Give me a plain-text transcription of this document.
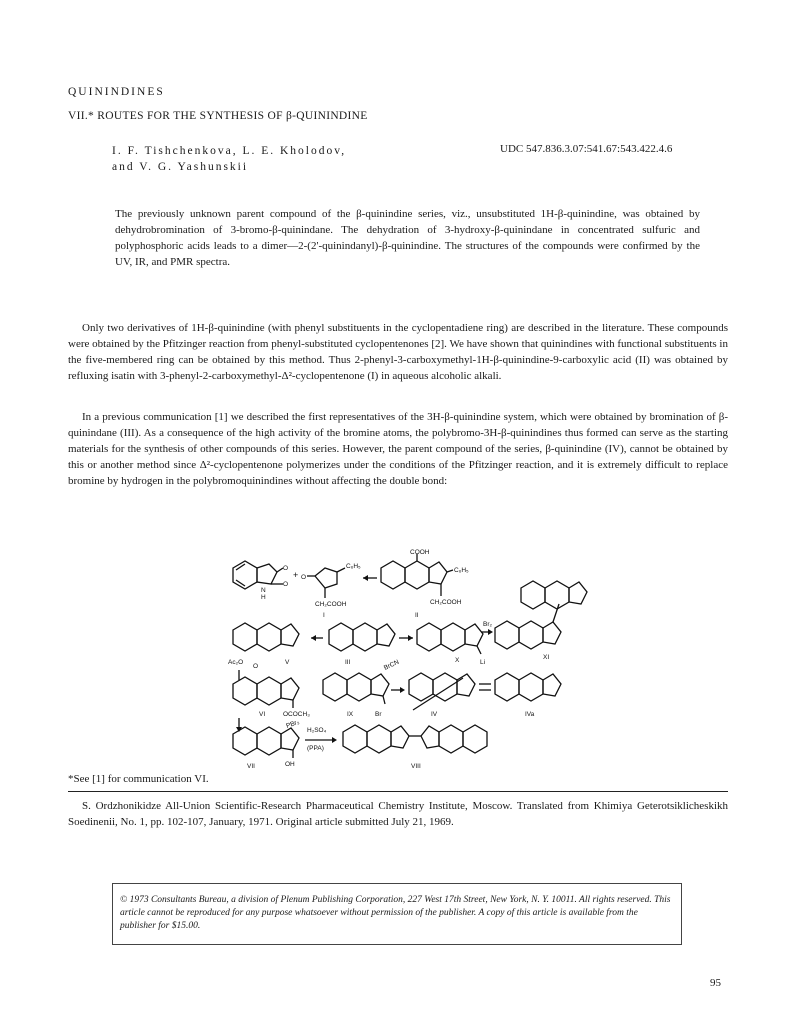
QUININDINES
VII.* ROUTES FOR THE SYNTHESIS OF β-QUININDINE
I. F. Tishchenkova, L. E. Kholodov,
and V. G. Yashunskii
UDC 547.836.3.07:541.67:543.422.4.6
The previously unknown parent compound of the β-quinindine series, viz., unsubstituted 1H-β-quinindine, was obtained by dehydrobromination of 3-bromo-β-quinindane. The dehydration of 3-hydroxy-β-quinindane in concentrated sulfuric and polyphosphoric acids leads to a dimer—2-(2'-quinindanyl)-β-quinindine. The structures of the compounds were confirmed by the UV, IR, and PMR spectra.

Only two derivatives of 1H-β-quinindine (with phenyl substituents in the cyclopentadiene ring) are described in the literature. These compounds were obtained by the Pfitzinger reaction from phenyl-substituted cyclopentenones [2]. We have shown that quinindines with functional substituents in the five-membered ring can be obtained by this method. Thus 2-phenyl-3-carboxymethyl-1H-β-quinindine-9-carboxylic acid (II) was obtained by refluxing isatin with 3-phenyl-2-carboxymethyl-Δ²-cyclopentenone (I) in aqueous alcoholic alkali.

In a previous communication [1] we described the first representatives of the 3H-β-quinindine system, which were obtained by bromination of β-quinindane (III). As a consequence of the high activity of the bromine atoms, the polybromo-3H-β-quinindines thus formed can serve as the starting materials for the synthesis of other compounds of this series. However, the parent compound of the series, β-quinindine (IV), cannot be obtained by this or another method since Δ²-cyclopentenone polymerizes under the conditions of the Pfitzinger reaction, and it is extremely difficult to replace bromine by hydrogen in the polybromoquinindines without affecting the double bond:

O
O
N
H
+ O
C₆H₅
CH₂COOH
I
COOH
C₆H₅
CH₂COOH
II
XI
Ac₂O
O
V	III	X	Li
Br₂
BrCN
VI	OCOCH₃	IX	Br	IV	IVa
PBr₃
VII	OH
H₂SO₄
(PPA)
VIII
*See [1] for communication VI.
S. Ordzhonikidze All-Union Scientific-Research Pharmaceutical Chemistry Institute, Moscow. Translated from Khimiya Geterotsiklicheskikh Soedinenii, No. 1, pp. 102-107, January, 1971. Original article submitted July 21, 1969.
© 1973 Consultants Bureau, a division of Plenum Publishing Corporation, 227 West 17th Street, New York, N. Y. 10011. All rights reserved. This article cannot be reproduced for any purpose whatsoever without permission of the publisher. A copy of this article is available from the publisher for $15.00.
95
